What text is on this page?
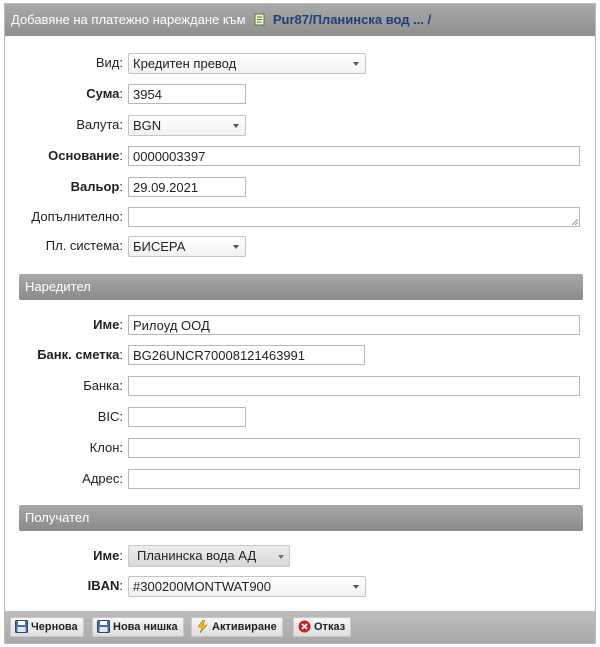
Добавяне на платежно нареждане към Pur87/Планинска вод ... /
Вид: Кредитен превод
Сума:
3954
Валута: BGN
Основание:
0000003397
Вальор:
29.09.2021
Допълнително:
Пл. система: БИСЕРА
Наредител
Име:
Рилоуд ООД
Банк. сметка:
BG26UNCR70008121463991
Банка:
BIC:
Клон:
Адрес:
Получател
Име:	Планинска вода АД
IBAN: #300200MONTWAT900
Чернова	Нова нишка	Активиране	Отказ
